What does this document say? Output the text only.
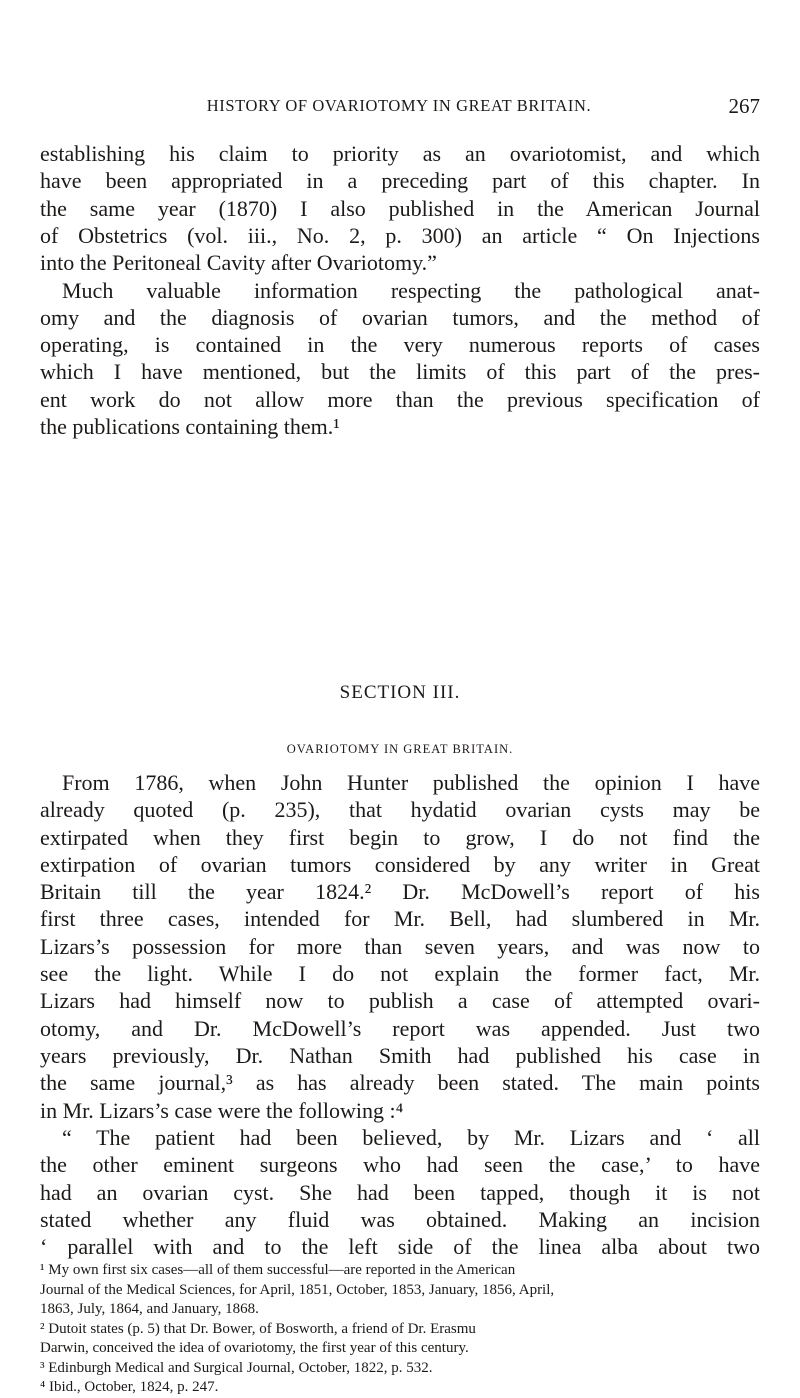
HISTORY OF OVARIOTOMY IN GREAT BRITAIN.	267
establishing his claim to priority as an ovariotomist, and which
have been appropriated in a preceding part of this chapter. In
the same year (1870) I also published in the American Journal
of Obstetrics (vol. iii., No. 2, p. 300) an article “ On Injections
into the Peritoneal Cavity after Ovariotomy.”
Much valuable information respecting the pathological anat-
omy and the diagnosis of ovarian tumors, and the method of
operating, is contained in the very numerous reports of cases
which I have mentioned, but the limits of this part of the pres-
ent work do not allow more than the previous specification of
the publications containing them.¹
SECTION III.
OVARIOTOMY IN GREAT BRITAIN.
From 1786, when John Hunter published the opinion I have
already quoted (p. 235), that hydatid ovarian cysts may be
extirpated when they first begin to grow, I do not find the
extirpation of ovarian tumors considered by any writer in Great
Britain till the year 1824.² Dr. McDowell’s report of his
first three cases, intended for Mr. Bell, had slumbered in Mr.
Lizars’s possession for more than seven years, and was now to
see the light. While I do not explain the former fact, Mr.
Lizars had himself now to publish a case of attempted ovari-
otomy, and Dr. McDowell’s report was appended. Just two
years previously, Dr. Nathan Smith had published his case in
the same journal,³ as has already been stated. The main points
in Mr. Lizars’s case were the following :⁴
“ The patient had been believed, by Mr. Lizars and ‘ all
the other eminent surgeons who had seen the case,’ to have
had an ovarian cyst. She had been tapped, though it is not
stated whether any fluid was obtained. Making an incision
‘ parallel with and to the left side of the linea alba about two
¹ My own first six cases—all of them successful—are reported in the American
Journal of the Medical Sciences, for April, 1851, October, 1853, January, 1856, April,
1863, July, 1864, and January, 1868.
² Dutoit states (p. 5) that Dr. Bower, of Bosworth, a friend of Dr. Erasmu
Darwin, conceived the idea of ovariotomy, the first year of this century.
³ Edinburgh Medical and Surgical Journal, October, 1822, p. 532.
⁴ Ibid., October, 1824, p. 247.
